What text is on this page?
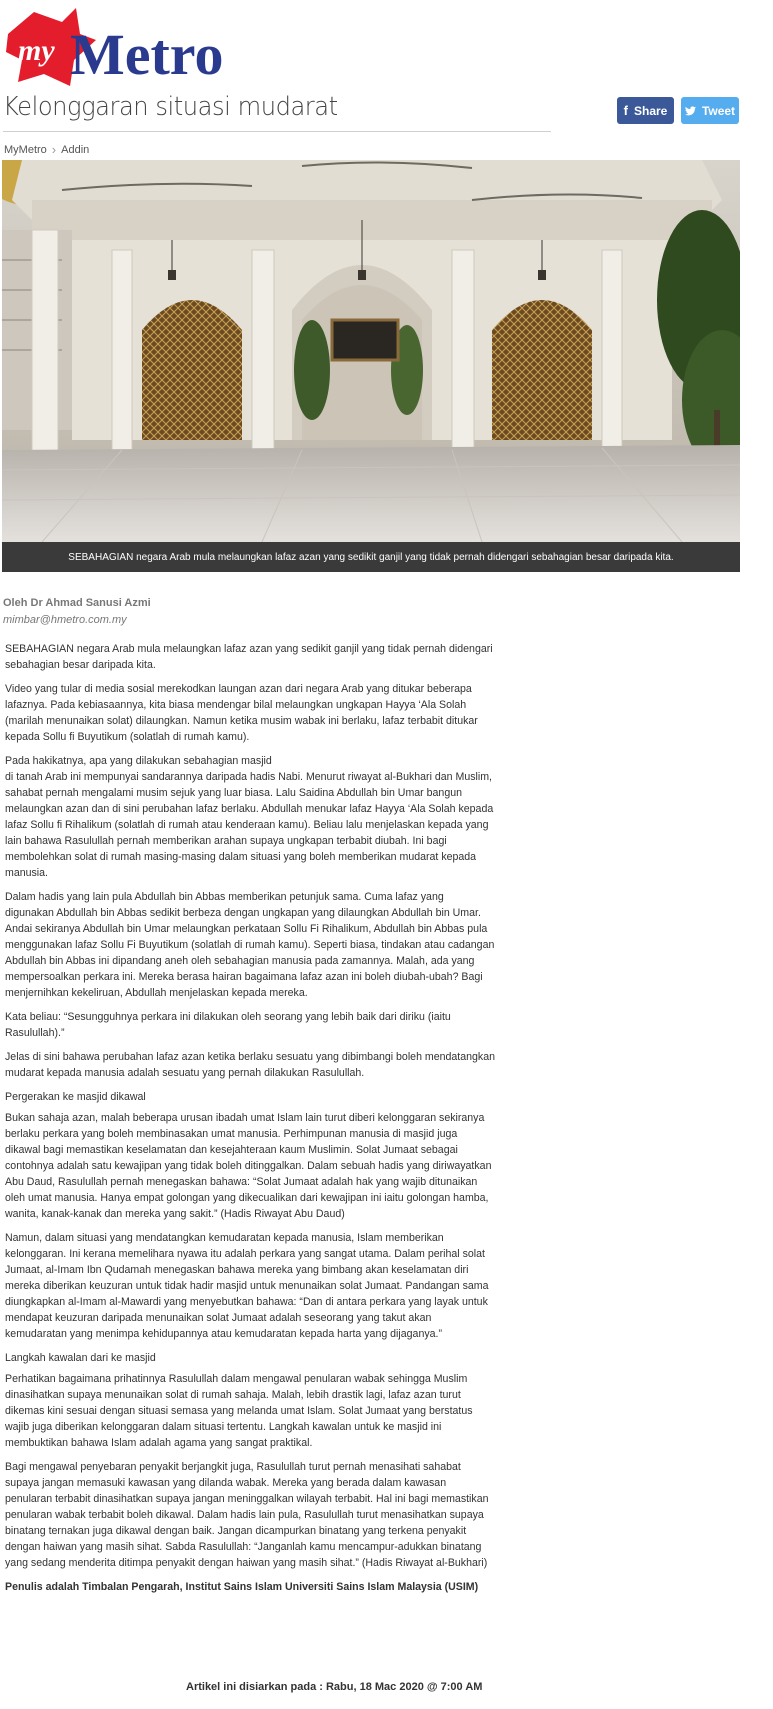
my Metro
Kelonggaran situasi mudarat	f Share	Tweet
MyMetro › Addin
SEBAHAGIAN negara Arab mula melaungkan lafaz azan yang sedikit ganjil yang tidak pernah didengari sebahagian besar daripada kita.
Oleh Dr Ahmad Sanusi Azmi
mimbar@hmetro.com.my

SEBAHAGIAN negara Arab mula melaungkan lafaz azan yang sedikit ganjil yang tidak pernah didengari sebahagian besar daripada kita.

Video yang tular di media sosial merekodkan laungan azan dari negara Arab yang ditukar beberapa lafaznya. Pada kebiasaannya, kita biasa mendengar bilal melaungkan ungkapan Hayya ‘Ala Solah (marilah menunaikan solat) dilaungkan. Namun ketika musim wabak ini berlaku, lafaz terbabit ditukar kepada Sollu fi Buyutikum (solatlah di rumah kamu).

Pada hakikatnya, apa yang dilakukan sebahagian masjid
di tanah Arab ini mempunyai sandarannya daripada hadis Nabi. Menurut riwayat al-Bukhari dan Muslim, sahabat pernah mengalami musim sejuk yang luar biasa. Lalu Saidina Abdullah bin Umar bangun melaungkan azan dan di sini perubahan lafaz berlaku. Abdullah menukar lafaz Hayya ‘Ala Solah kepada lafaz Sollu fi Rihalikum (solatlah di rumah atau kenderaan kamu). Beliau lalu menjelaskan kepada yang lain bahawa Rasulullah pernah memberikan arahan supaya ungkapan terbabit diubah. Ini bagi membolehkan solat di rumah masing-masing dalam situasi yang boleh memberikan mudarat kepada manusia.

Dalam hadis yang lain pula Abdullah bin Abbas memberikan petunjuk sama. Cuma lafaz yang digunakan Abdullah bin Abbas sedikit berbeza dengan ungkapan yang dilaungkan Abdullah bin Umar. Andai sekiranya Abdullah bin Umar melaungkan perkataan Sollu Fi Rihalikum, Abdullah bin Abbas pula menggunakan lafaz Sollu Fi Buyutikum (solatlah di rumah kamu). Seperti biasa, tindakan atau cadangan Abdullah bin Abbas ini dipandang aneh oleh sebahagian manusia pada zamannya. Malah, ada yang mempersoalkan perkara ini. Mereka berasa hairan bagaimana lafaz azan ini boleh diubah-ubah? Bagi menjernihkan kekeliruan, Abdullah menjelaskan kepada mereka.

Kata beliau: “Sesungguhnya perkara ini dilakukan oleh seorang yang lebih baik dari diriku (iaitu Rasulullah).”

Jelas di sini bahawa perubahan lafaz azan ketika berlaku sesuatu yang dibimbangi boleh mendatangkan mudarat kepada manusia adalah sesuatu yang pernah dilakukan Rasulullah.

Pergerakan ke masjid dikawal

Bukan sahaja azan, malah beberapa urusan ibadah umat Islam lain turut diberi kelonggaran sekiranya berlaku perkara yang boleh membinasakan umat manusia. Perhimpunan manusia di masjid juga dikawal bagi memastikan keselamatan dan kesejahteraan kaum Muslimin. Solat Jumaat sebagai contohnya adalah satu kewajipan yang tidak boleh ditinggalkan. Dalam sebuah hadis yang diriwayatkan Abu Daud, Rasulullah pernah menegaskan bahawa: “Solat Jumaat adalah hak yang wajib ditunaikan oleh umat manusia. Hanya empat golongan yang dikecualikan dari kewajipan ini iaitu golongan hamba, wanita, kanak-kanak dan mereka yang sakit.” (Hadis Riwayat Abu Daud)

Namun, dalam situasi yang mendatangkan kemudaratan kepada manusia, Islam memberikan kelonggaran. Ini kerana memelihara nyawa itu adalah perkara yang sangat utama. Dalam perihal solat Jumaat, al-Imam Ibn Qudamah menegaskan bahawa mereka yang bimbang akan keselamatan diri mereka diberikan keuzuran untuk tidak hadir masjid untuk menunaikan solat Jumaat. Pandangan sama diungkapkan al-Imam al-Mawardi yang menyebutkan bahawa: “Dan di antara perkara yang layak untuk mendapat keuzuran daripada menunaikan solat Jumaat adalah seseorang yang takut akan kemudaratan yang menimpa kehidupannya atau kemudaratan kepada harta yang dijaganya.”

Langkah kawalan dari ke masjid

Perhatikan bagaimana prihatinnya Rasulullah dalam mengawal penularan wabak sehingga Muslim dinasihatkan supaya menunaikan solat di rumah sahaja. Malah, lebih drastik lagi, lafaz azan turut dikemas kini sesuai dengan situasi semasa yang melanda umat Islam. Solat Jumaat yang berstatus wajib juga diberikan kelonggaran dalam situasi tertentu. Langkah kawalan untuk ke masjid ini membuktikan bahawa Islam adalah agama yang sangat praktikal.

Bagi mengawal penyebaran penyakit berjangkit juga, Rasulullah turut pernah menasihati sahabat supaya jangan memasuki kawasan yang dilanda wabak. Mereka yang berada dalam kawasan penularan terbabit dinasihatkan supaya jangan meninggalkan wilayah terbabit. Hal ini bagi memastikan penularan wabak terbabit boleh dikawal. Dalam hadis lain pula, Rasulullah turut menasihatkan supaya binatang ternakan juga dikawal dengan baik. Jangan dicampurkan binatang yang terkena penyakit dengan haiwan yang masih sihat. Sabda Rasulullah: “Janganlah kamu mencampur-adukkan binatang yang sedang menderita ditimpa penyakit dengan haiwan yang masih sihat.” (Hadis Riwayat al-Bukhari)

Penulis adalah Timbalan Pengarah, Institut Sains Islam Universiti Sains Islam Malaysia (USIM)

Artikel ini disiarkan pada : Rabu, 18 Mac 2020 @ 7:00 AM
